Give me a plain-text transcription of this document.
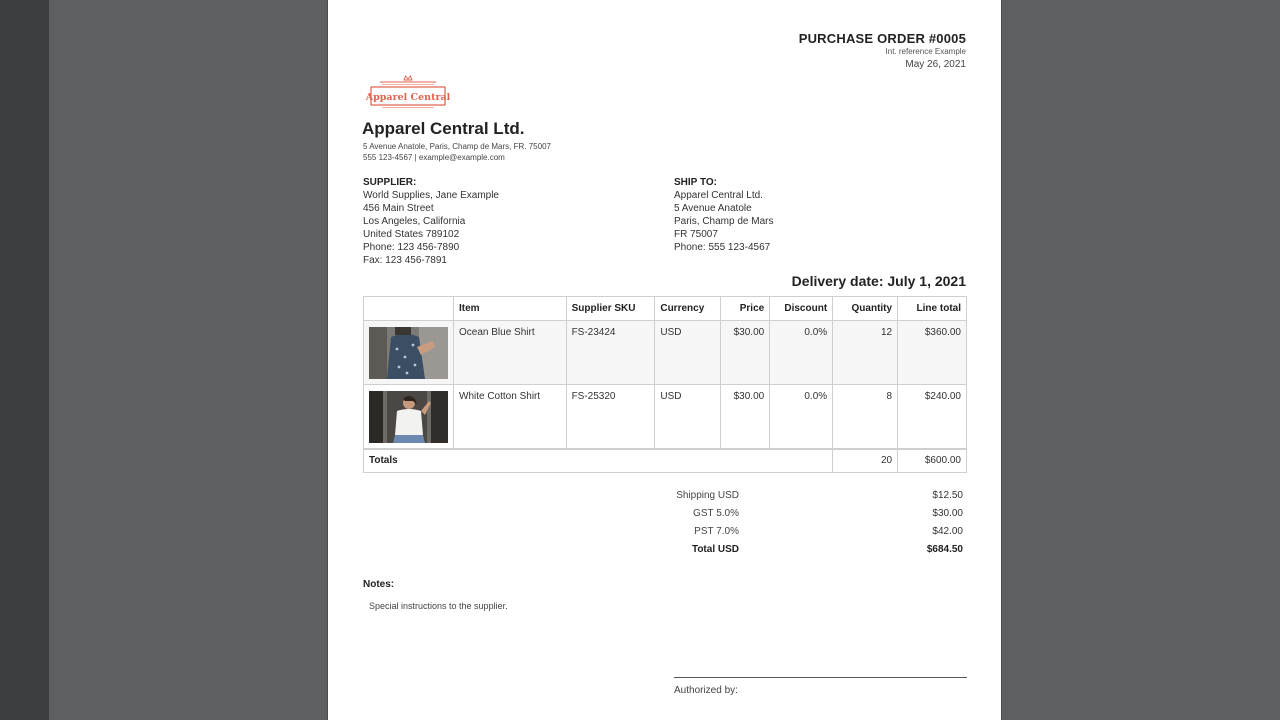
PURCHASE ORDER #0005
Int. reference Example
May 26, 2021
Apparel Central
Apparel Central Ltd.
5 Avenue Anatole, Paris, Champ de Mars, FR. 75007
555 123-4567 | example@example.com
SUPPLIER:
World Supplies, Jane Example
456 Main Street
Los Angeles, California
United States 789102
Phone: 123 456-7890
Fax: 123 456-7891
SHIP TO:
Apparel Central Ltd.
5 Avenue Anatole
Paris, Champ de Mars
FR 75007
Phone: 555 123-4567
Delivery date: July 1, 2021
	Item	Supplier SKU	Currency	Price	Discount	Quantity	Line total

	Ocean Blue Shirt	FS-23424	USD	$30.00	0.0%	12	$360.00

	White Cotton Shirt	FS-25320	USD	$30.00	0.0%	8	$240.00
Totals						20	$600.00
Shipping USD	$12.50
GST 5.0%	$30.00
PST 7.0%	$42.00
Total USD	$684.50
Notes:
Special instructions to the supplier.
Authorized by:
